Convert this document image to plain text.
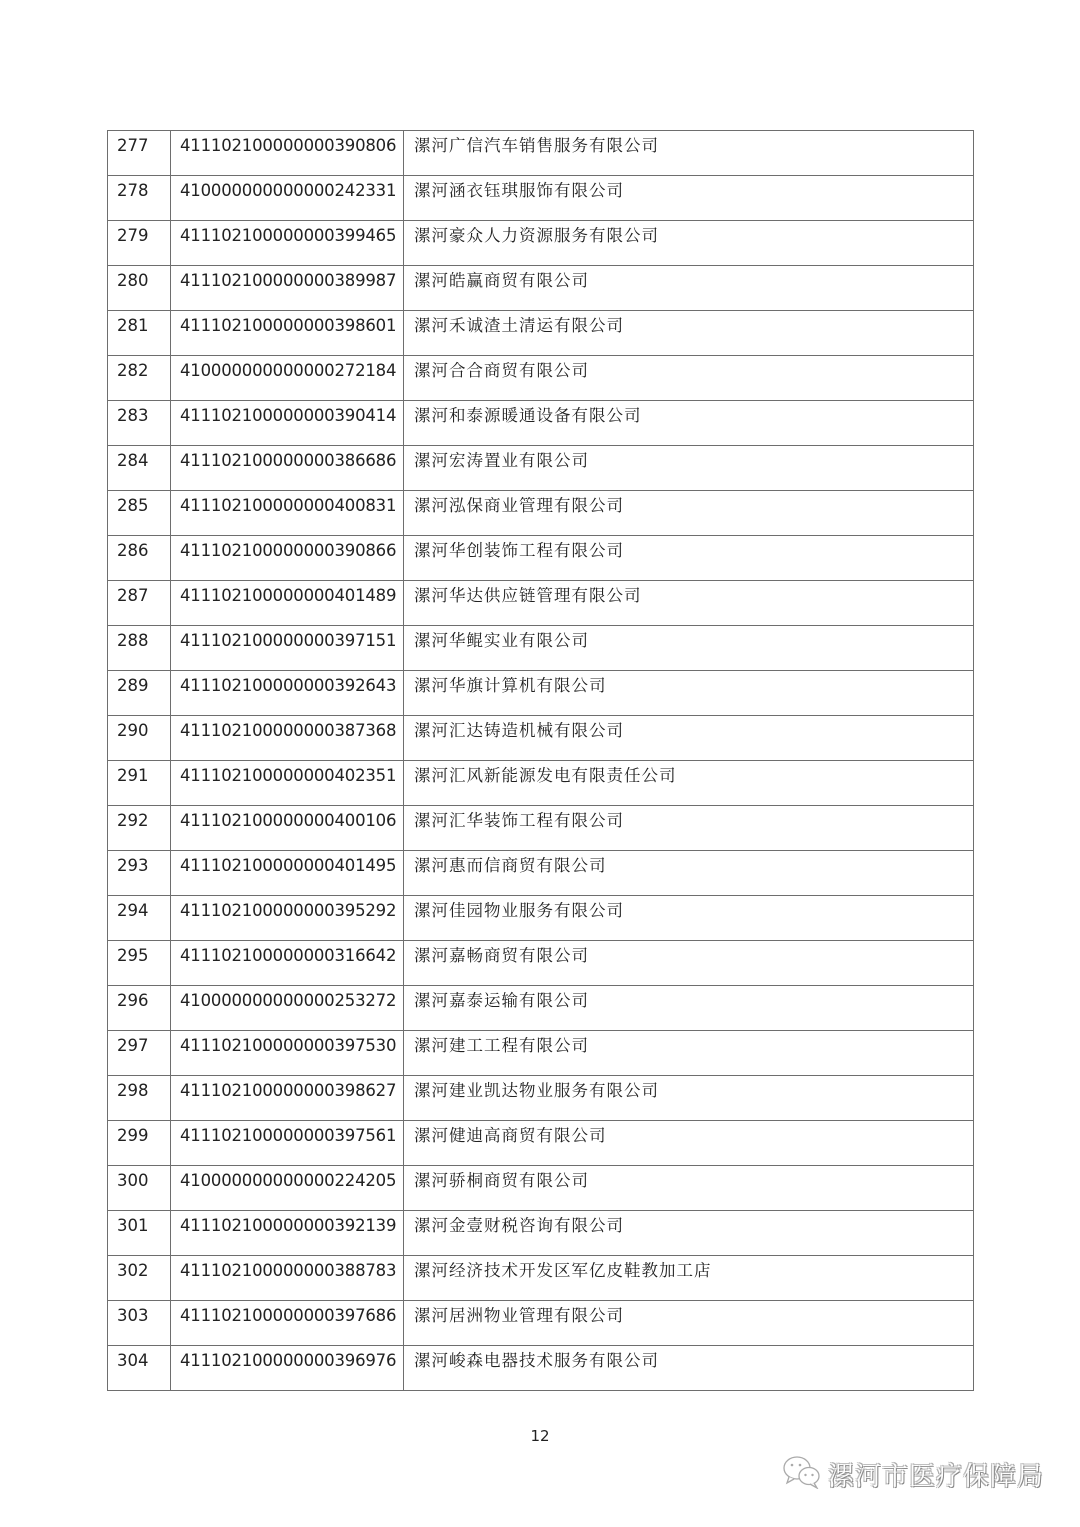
277	411102100000000390806	漯河广信汽车销售服务有限公司

278	410000000000000242331	漯河涵衣钰琪服饰有限公司

279	411102100000000399465	漯河豪众人力资源服务有限公司

280	411102100000000389987	漯河皓赢商贸有限公司

281	411102100000000398601	漯河禾诚渣土清运有限公司

282	410000000000000272184	漯河合合商贸有限公司

283	411102100000000390414	漯河和泰源暖通设备有限公司

284	411102100000000386686	漯河宏涛置业有限公司

285	411102100000000400831	漯河泓保商业管理有限公司

286	411102100000000390866	漯河华创装饰工程有限公司

287	411102100000000401489	漯河华达供应链管理有限公司

288	411102100000000397151	漯河华鲲实业有限公司

289	411102100000000392643	漯河华旗计算机有限公司

290	411102100000000387368	漯河汇达铸造机械有限公司

291	411102100000000402351	漯河汇风新能源发电有限责任公司

292	411102100000000400106	漯河汇华装饰工程有限公司

293	411102100000000401495	漯河惠而信商贸有限公司

294	411102100000000395292	漯河佳园物业服务有限公司

295	411102100000000316642	漯河嘉畅商贸有限公司

296	410000000000000253272	漯河嘉泰运输有限公司

297	411102100000000397530	漯河建工工程有限公司

298	411102100000000398627	漯河建业凯达物业服务有限公司

299	411102100000000397561	漯河健迪高商贸有限公司

300	410000000000000224205	漯河骄桐商贸有限公司

301	411102100000000392139	漯河金壹财税咨询有限公司

302	411102100000000388783	漯河经济技术开发区军亿皮鞋教加工店

303	411102100000000397686	漯河居洲物业管理有限公司

304	411102100000000396976	漯河峻森电器技术服务有限公司
12
漯河市医疗保障局
